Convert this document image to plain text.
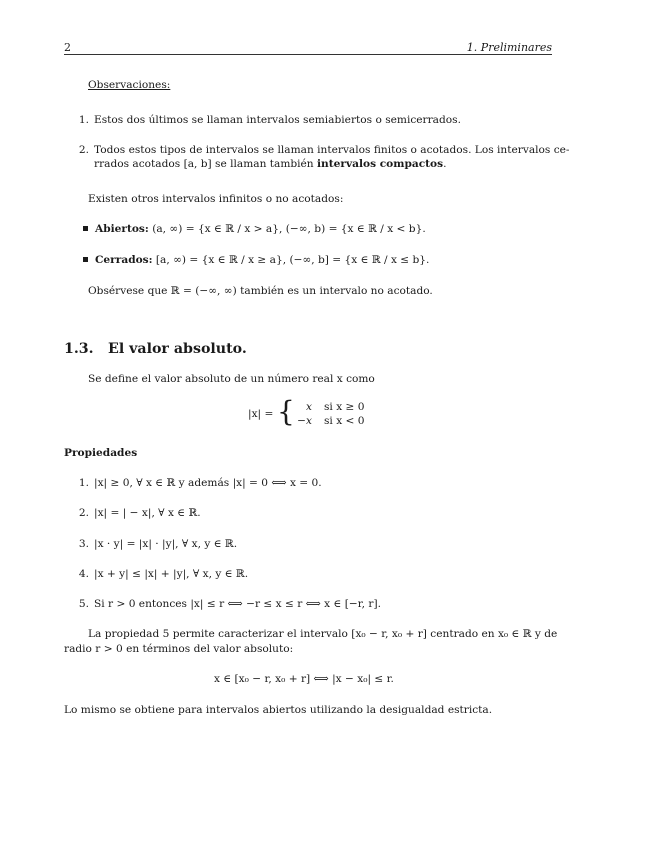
2	1. Preliminares
Observaciones:
1. Estos dos últimos se llaman intervalos semiabiertos o semicerrados.
2. Todos estos tipos de intervalos se llaman intervalos finitos o acotados. Los intervalos ce-
rrados acotados [a, b] se llaman también intervalos compactos.
Existen otros intervalos infinitos o no acotados:
Abiertos: (a, ∞) = {x ∈ ℝ / x > a}, (−∞, b) = {x ∈ ℝ / x < b}.
Cerrados: [a, ∞) = {x ∈ ℝ / x ≥ a}, (−∞, b] = {x ∈ ℝ / x ≤ b}.
Obsérvese que ℝ = (−∞, ∞) también es un intervalo no acotado.
1.3. El valor absoluto.
Se define el valor absoluto de un número real x como
|x| = {	x si x ≥ 0
−x si x < 0
Propiedades
1. |x| ≥ 0, ∀ x ∈ ℝ y además |x| = 0 ⟺ x = 0.
2. |x| = | − x|, ∀ x ∈ ℝ.
3. |x · y| = |x| · |y|, ∀ x, y ∈ ℝ.
4. |x + y| ≤ |x| + |y|, ∀ x, y ∈ ℝ.
5. Si r > 0 entonces |x| ≤ r ⟺ −r ≤ x ≤ r ⟺ x ∈ [−r, r].
La propiedad 5 permite caracterizar el intervalo [x₀ − r, x₀ + r] centrado en x₀ ∈ ℝ y de
radio r > 0 en términos del valor absoluto:
x ∈ [x₀ − r, x₀ + r] ⟺ |x − x₀| ≤ r.
Lo mismo se obtiene para intervalos abiertos utilizando la desigualdad estricta.
